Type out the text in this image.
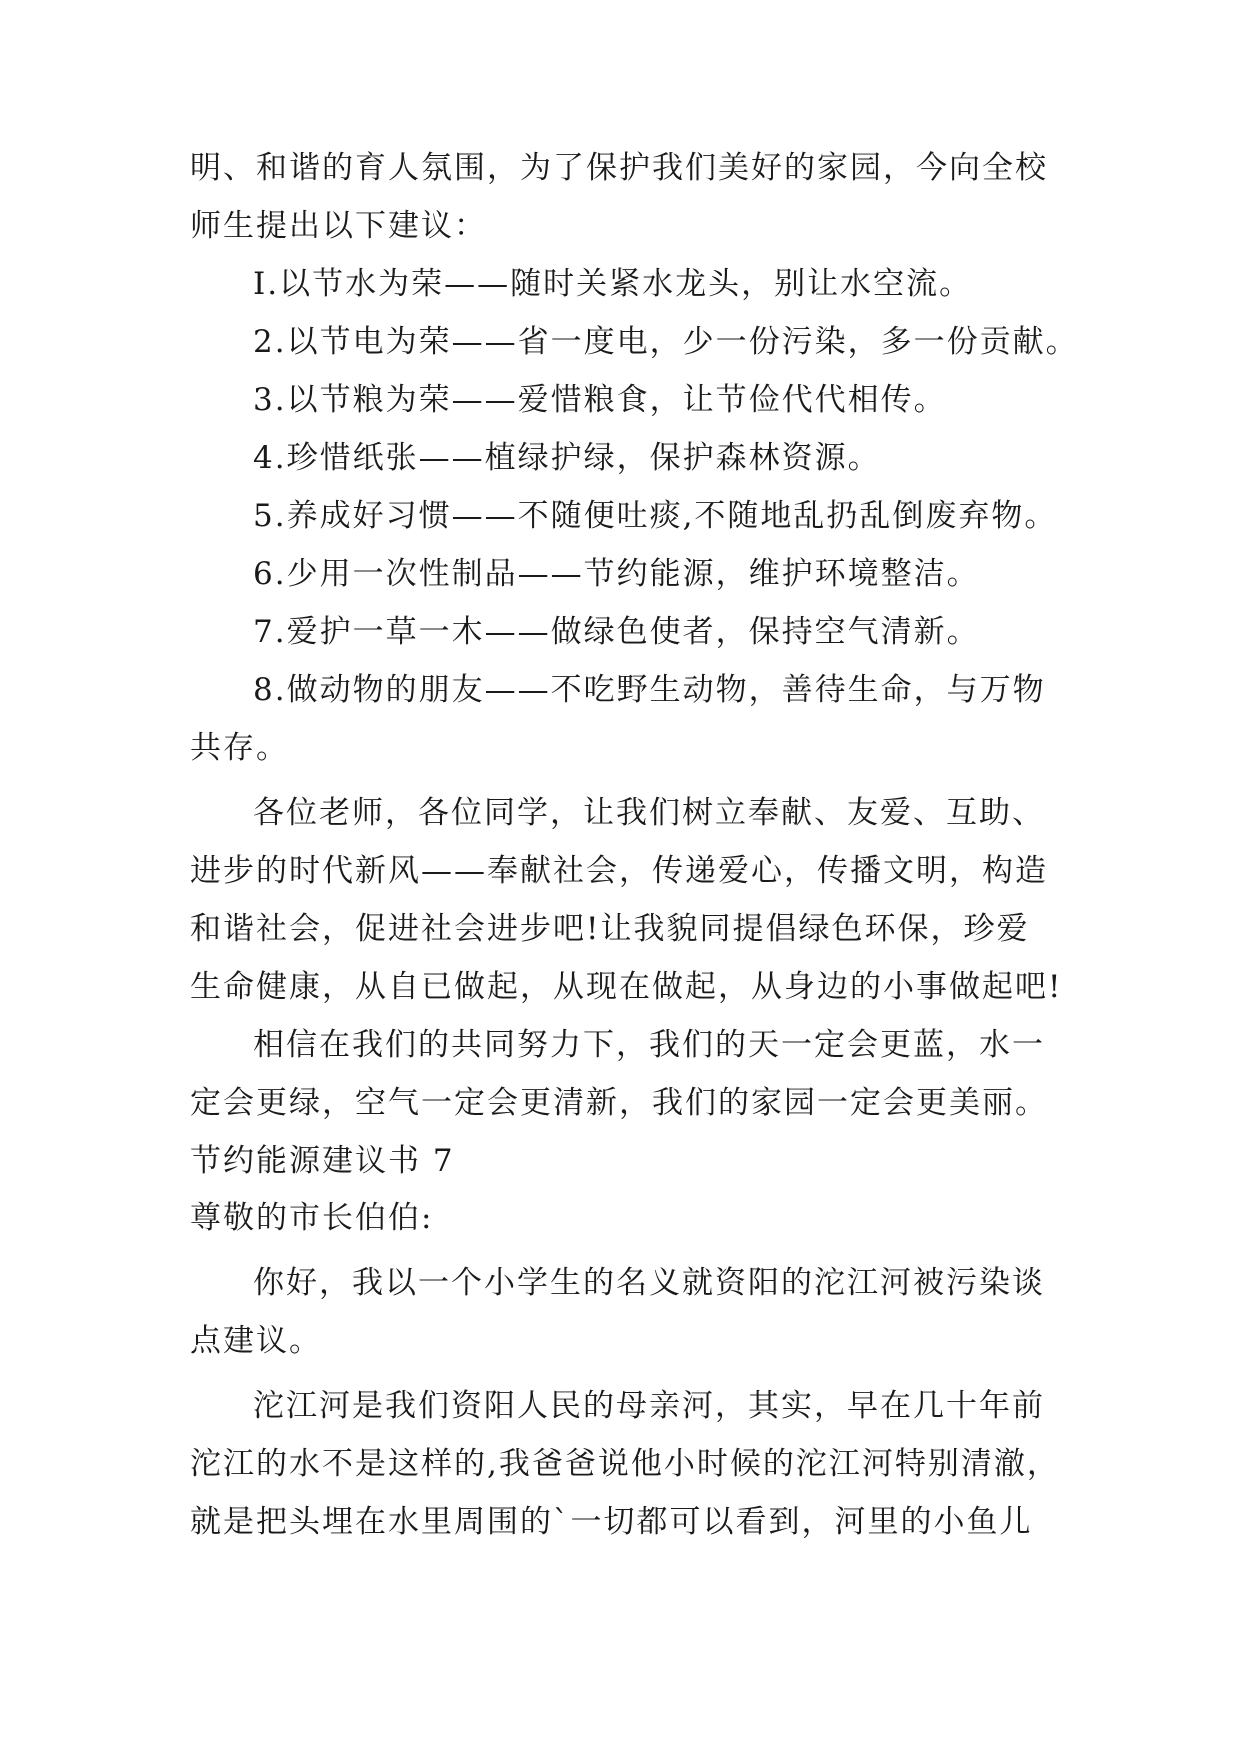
明、和谐的育人氛围，为了保护我们美好的家园，今向全校
师生提出以下建议：
I.以节水为荣——随时关紧水龙头，别让水空流。
2.以节电为荣——省一度电，少一份污染，多一份贡献。
3.以节粮为荣——爱惜粮食，让节俭代代相传。
4.珍惜纸张——植绿护绿，保护森林资源。
5.养成好习惯——不随便吐痰,不随地乱扔乱倒废弃物。
6.少用一次性制品——节约能源，维护环境整洁。
7.爱护一草一木——做绿色使者，保持空气清新。
8.做动物的朋友——不吃野生动物，善待生命，与万物
共存。
各位老师，各位同学，让我们树立奉献、友爱、互助、
进步的时代新风——奉献社会，传递爱心，传播文明，构造
和谐社会，促进社会进步吧!让我貌同提倡绿色环保，珍爱
生命健康，从自已做起，从现在做起，从身边的小事做起吧!
相信在我们的共同努力下，我们的天一定会更蓝，水一
定会更绿，空气一定会更清新，我们的家园一定会更美丽。
节约能源建议书 7
尊敬的市长伯伯:
你好，我以一个小学生的名义就资阳的沱江河被污染谈
点建议。
沱江河是我们资阳人民的母亲河，其实，早在几十年前
沱江的水不是这样的,我爸爸说他小时候的沱江河特别清澈，
就是把头埋在水里周围的`一切都可以看到，河里的小鱼儿
